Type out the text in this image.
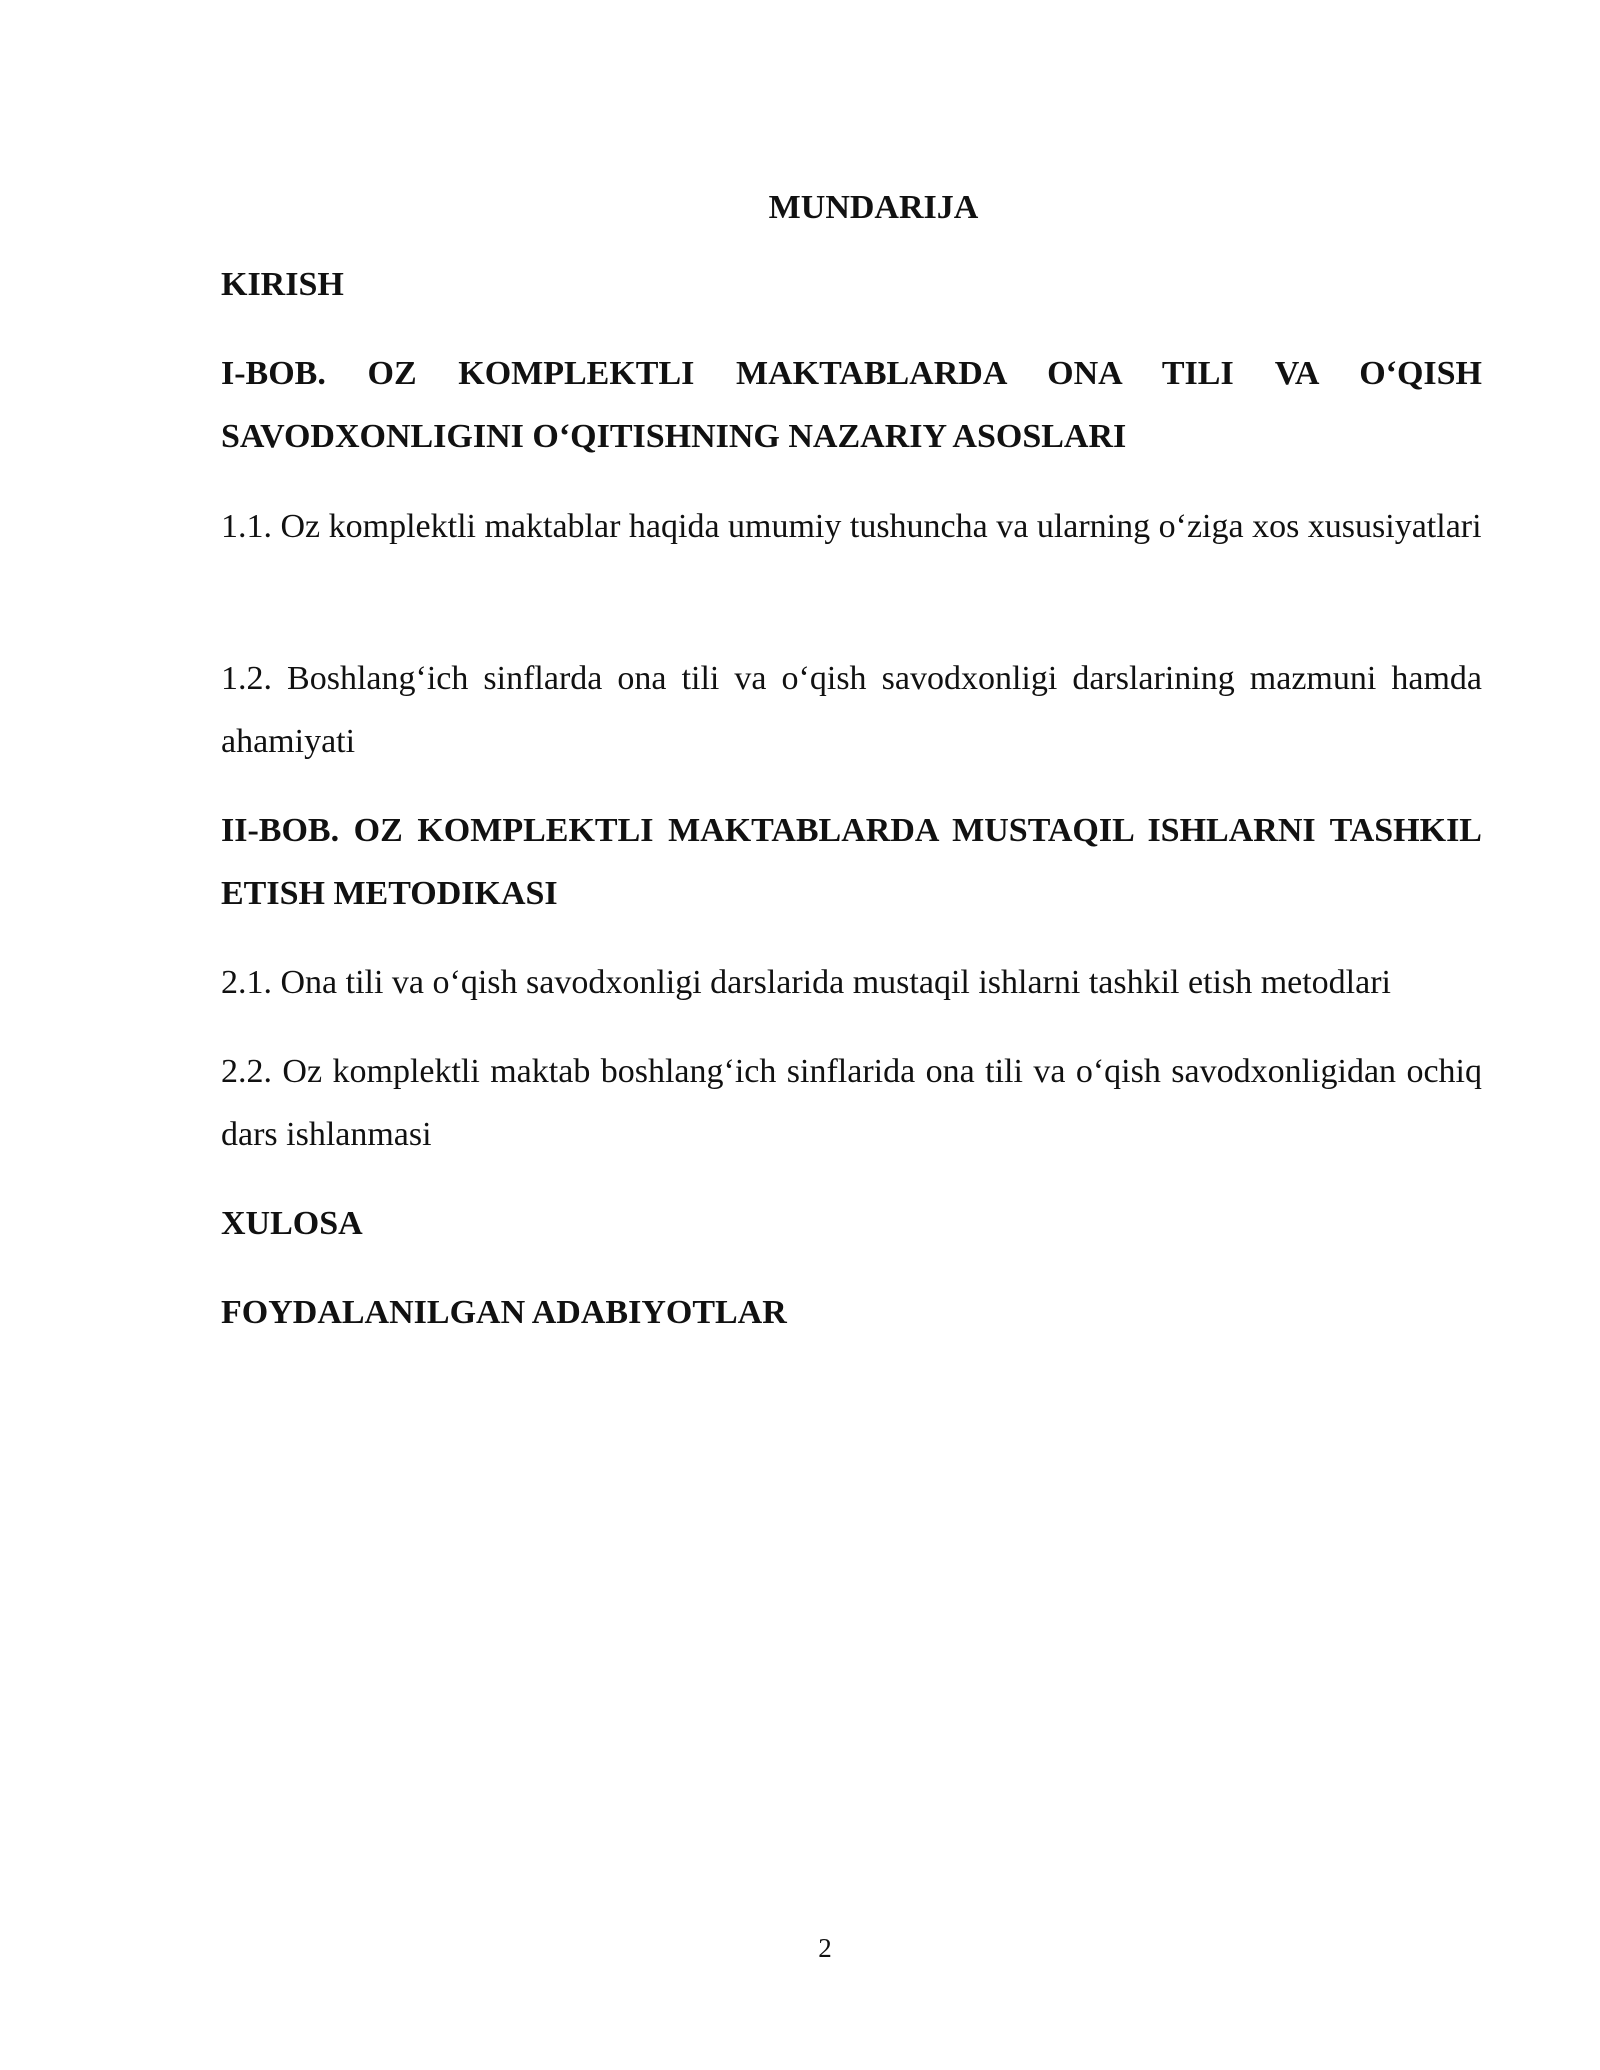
MUNDARIJA

KIRISH

I-BOB. OZ KOMPLEKTLI MAKTABLARDA ONA TILI VA O‘QISH SAVODXONLIGINI O‘QITISHNING NAZARIY ASOSLARI

1.1. Oz komplektli maktablar haqida umumiy tushuncha va ularning o‘ziga xos xususiyatlari

1.2. Boshlang‘ich sinflarda ona tili va o‘qish savodxonligi darslarining mazmuni hamda ahamiyati

II-BOB. OZ KOMPLEKTLI MAKTABLARDA MUSTAQIL ISHLARNI TASHKIL ETISH METODIKASI

2.1. Ona tili va o‘qish savodxonligi darslarida mustaqil ishlarni tashkil etish metodlari

2.2. Oz komplektli maktab boshlang‘ich sinflarida ona tili va o‘qish savodxonligidan ochiq dars ishlanmasi

XULOSA

FOYDALANILGAN ADABIYOTLAR

2
